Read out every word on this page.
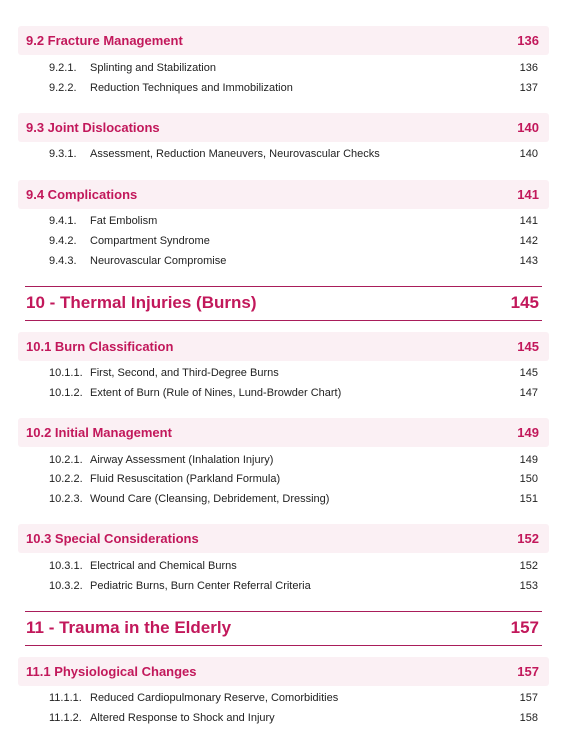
9.2 Fracture Management	136
9.2.1. Splinting and Stabilization	136
9.2.2. Reduction Techniques and Immobilization	137
9.3 Joint Dislocations	140
9.3.1. Assessment, Reduction Maneuvers, Neurovascular Checks	140
9.4 Complications	141
9.4.1. Fat Embolism	141
9.4.2. Compartment Syndrome	142
9.4.3. Neurovascular Compromise	143
10 - Thermal Injuries (Burns)	145
10.1 Burn Classification	145
10.1.1. First, Second, and Third-Degree Burns	145
10.1.2. Extent of Burn (Rule of Nines, Lund-Browder Chart)	147
10.2 Initial Management	149
10.2.1. Airway Assessment (Inhalation Injury)	149
10.2.2. Fluid Resuscitation (Parkland Formula)	150
10.2.3. Wound Care (Cleansing, Debridement, Dressing)	151
10.3 Special Considerations	152
10.3.1. Electrical and Chemical Burns	152
10.3.2. Pediatric Burns, Burn Center Referral Criteria	153
11 - Trauma in the Elderly	157
11.1 Physiological Changes	157
11.1.1. Reduced Cardiopulmonary Reserve, Comorbidities	157
11.1.2. Altered Response to Shock and Injury	158
